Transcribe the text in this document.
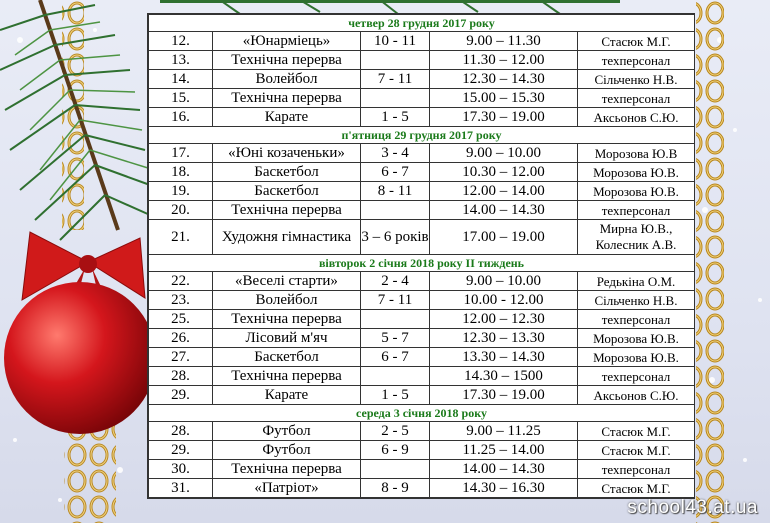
четвер 28 грудня 2017 року				
12.	«Юнарміець»	10 - 11	9.00 – 11.30	Стасюк М.Г.
13.	Технічна перерва		11.30 – 12.00	техперсонал
14.	Волейбол	7 - 11	12.30 – 14.30	Сільченко Н.В.
15.	Технічна перерва		15.00 – 15.30	техперсонал
16.	Карате	1 - 5	17.30 – 19.00	Аксьонов С.Ю.
п'ятниця 29 грудня 2017 року				
17.	«Юні козаченьки»	3 - 4	9.00 – 10.00	Морозова Ю.В
18.	Баскетбол	6 - 7	10.30 – 12.00	Морозова Ю.В.
19.	Баскетбол	8 - 11	12.00 – 14.00	Морозова Ю.В.
20.	Технічна перерва		14.00 – 14.30	техперсонал
21.	Художня гімнастика	3 – 6 років	17.00 – 19.00	Мирна Ю.В., Колесник А.В.
вівторок 2 січня 2018 року II тиждень				
22.	«Веселі старти»	2 - 4	9.00 – 10.00	Редькіна О.М.
23.	Волейбол	7 - 11	10.00 - 12.00	Сільченко Н.В.
25.	Технічна перерва		12.00 – 12.30	техперсонал
26.	Лісовий м'яч	5 - 7	12.30 – 13.30	Морозова Ю.В.
27.	Баскетбол	6 - 7	13.30 – 14.30	Морозова Ю.В.
28.	Технічна перерва		14.30 – 1500	техперсонал
29.	Карате	1 - 5	17.30 – 19.00	Аксьонов С.Ю.
середа 3 січня 2018 року				
28.	Футбол	2 - 5	9.00 – 11.25	Стасюк М.Г.
29.	Футбол	6 - 9	11.25 – 14.00	Стасюк М.Г.
30.	Технічна перерва		14.00 – 14.30	техперсонал
31.	«Патріот»	8 - 9	14.30 – 16.30	Стасюк М.Г.
school43.at.ua
